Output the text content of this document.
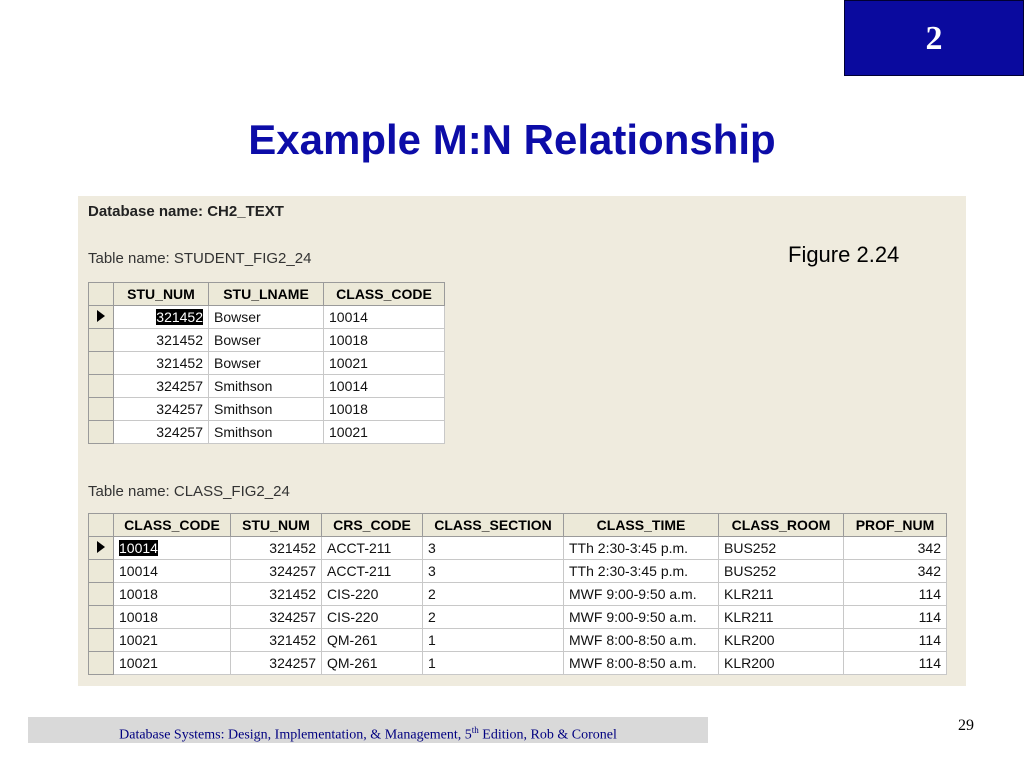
2
Example M:N Relationship
Database name: CH2_TEXT
Figure 2.24
Table name: STUDENT_FIG2_24
	STU_NUM	STU_LNAME	CLASS_CODE
	321452	Bowser	10014
	321452	Bowser	10018
	321452	Bowser	10021
	324257	Smithson	10014
	324257	Smithson	10018
	324257	Smithson	10021
Table name: CLASS_FIG2_24
	CLASS_CODE	STU_NUM	CRS_CODE	CLASS_SECTION	CLASS_TIME	CLASS_ROOM	PROF_NUM
	10014	321452	ACCT-211	3	TTh 2:30-3:45 p.m.	BUS252	342
	10014	324257	ACCT-211	3	TTh 2:30-3:45 p.m.	BUS252	342
	10018	321452	CIS-220	2	MWF 9:00-9:50 a.m.	KLR211	114
	10018	324257	CIS-220	2	MWF 9:00-9:50 a.m.	KLR211	114
	10021	321452	QM-261	1	MWF 8:00-8:50 a.m.	KLR200	114
	10021	324257	QM-261	1	MWF 8:00-8:50 a.m.	KLR200	114
Database Systems: Design, Implementation, & Management, 5th Edition, Rob & Coronel
29
